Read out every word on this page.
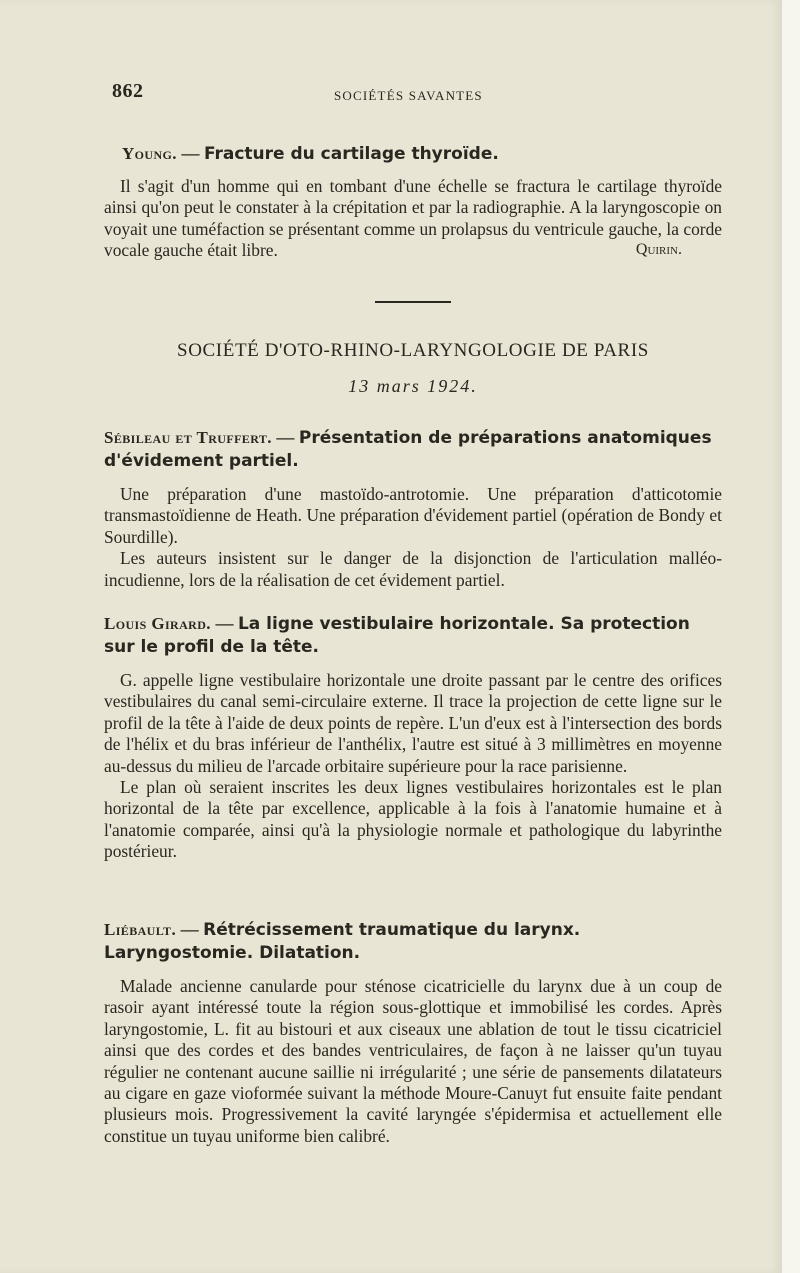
862	SOCIÉTÉS SAVANTES
Young. — Fracture du cartilage thyroïde.

Il s'agit d'un homme qui en tombant d'une échelle se fractura le cartilage thyroïde ainsi qu'on peut le constater à la crépitation et par la radiographie. A la laryngoscopie on voyait une tuméfaction se présentant comme un prolapsus du ventricule gauche, la corde vocale gauche était libre.	Quirin.
SOCIÉTÉ D'OTO-RHINO-LARYNGOLOGIE DE PARIS
13 mars 1924.
Sébileau et Truffert. — Présentation de préparations anatomiques d'évidement partiel.

Une préparation d'une mastoïdo-antrotomie. Une préparation d'atticotomie transmastoïdienne de Heath. Une préparation d'évidement partiel (opération de Bondy et Sourdille).

Les auteurs insistent sur le danger de la disjonction de l'articulation malléo-incudienne, lors de la réalisation de cet évidement partiel.

Louis Girard. — La ligne vestibulaire horizontale. Sa protection sur le profil de la tête.

G. appelle ligne vestibulaire horizontale une droite passant par le centre des orifices vestibulaires du canal semi-circulaire externe. Il trace la projection de cette ligne sur le profil de la tête à l'aide de deux points de repère. L'un d'eux est à l'intersection des bords de l'hélix et du bras inférieur de l'anthélix, l'autre est situé à 3 millimètres en moyenne au-dessus du milieu de l'arcade orbitaire supérieure pour la race parisienne.

Le plan où seraient inscrites les deux lignes vestibulaires horizontales est le plan horizontal de la tête par excellence, applicable à la fois à l'anatomie humaine et à l'anatomie comparée, ainsi qu'à la physiologie normale et pathologique du labyrinthe postérieur.

Liébault. — Rétrécissement traumatique du larynx. Laryngostomie. Dilatation.

Malade ancienne canularde pour sténose cicatricielle du larynx due à un coup de rasoir ayant intéressé toute la région sous-glottique et immobilisé les cordes. Après laryngostomie, L. fit au bistouri et aux ciseaux une ablation de tout le tissu cicatriciel ainsi que des cordes et des bandes ventriculaires, de façon à ne laisser qu'un tuyau régulier ne contenant aucune saillie ni irrégularité ; une série de pansements dilatateurs au cigare en gaze vioformée suivant la méthode Moure-Canuyt fut ensuite faite pendant plusieurs mois. Progressivement la cavité laryngée s'épidermisa et actuellement elle constitue un tuyau uniforme bien calibré.
